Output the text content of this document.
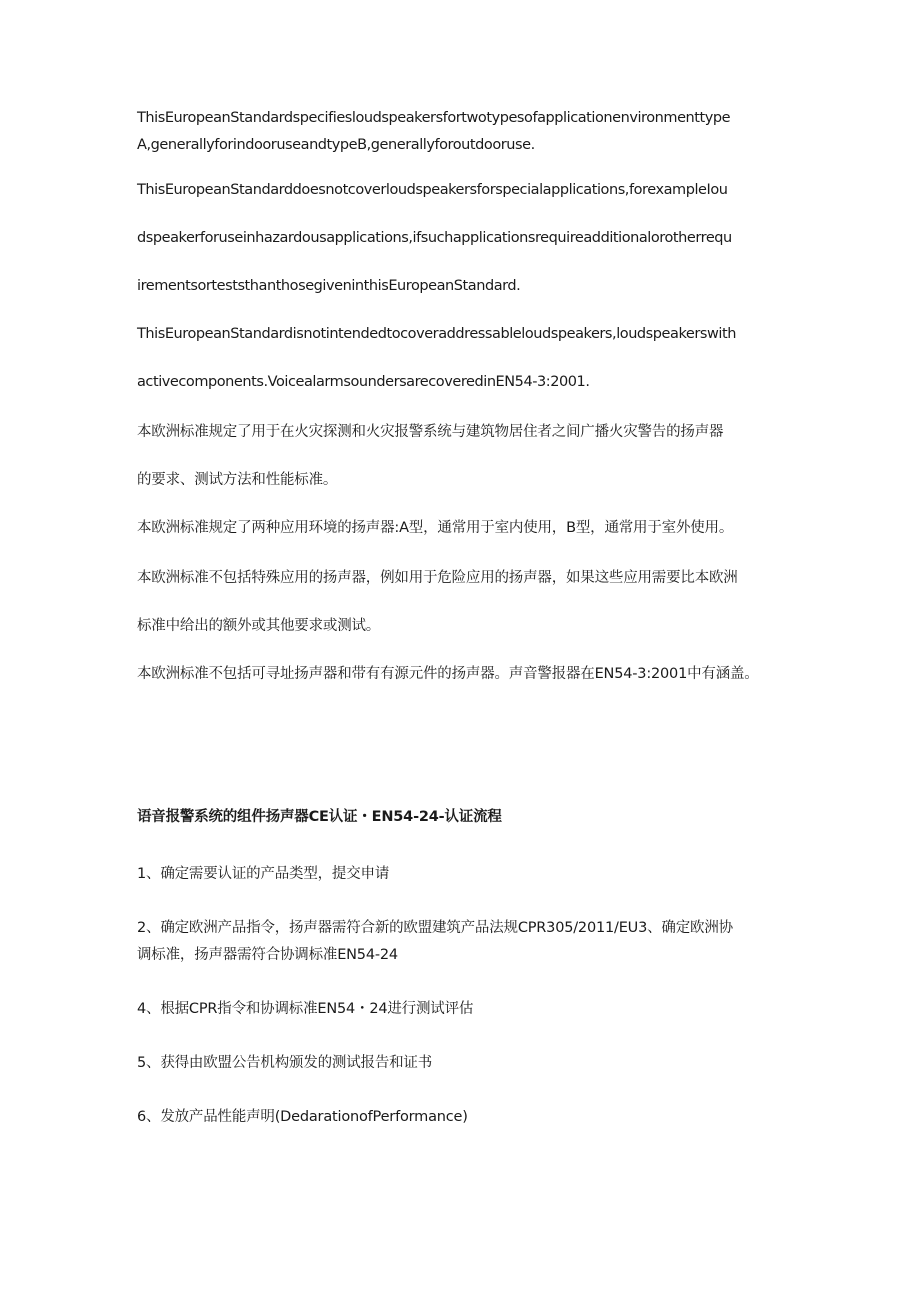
ThisEuropeanStandardspecifiesloudspeakersfortwotypesofapplicationenvironmenttype
A,generallyforindooruseandtypeB,generallyforoutdooruse.
ThisEuropeanStandarddoesnotcoverloudspeakersforspecialapplications,forexampleIou
dspeakerforuseinhazardousapplications,ifsuchapplicationsrequireadditionalorotherrequ
irementsorteststhanthosegiveninthisEuropeanStandard.
ThisEuropeanStandardisnotintendedtocoveraddressableloudspeakers,loudspeakerswith
activecomponents.VoicealarmsoundersarecoveredinEN54-3:2001.
本欧洲标准规定了用于在火灾探测和火灾报警系统与建筑物居住者之间广播火灾警告的扬声器
的要求、测试方法和性能标准。
本欧洲标准规定了两种应用环境的扬声器:A型，通常用于室内使用，B型，通常用于室外使用。
本欧洲标准不包括特殊应用的扬声器，例如用于危险应用的扬声器，如果这些应用需要比本欧洲
标准中给出的额外或其他要求或测试。
本欧洲标准不包括可寻址扬声器和带有有源元件的扬声器。声音警报器在EN54-3:2001中有涵盖。
语音报警系统的组件扬声器CE认证・EN54-24-认证流程
1、确定需要认证的产品类型，提交申请
2、确定欧洲产品指令，扬声器需符合新的欧盟建筑产品法规CPR305/2011/EU3、确定欧洲协
调标准，扬声器需符合协调标准EN54-24
4、根据CPR指令和协调标准EN54・24进行测试评估
5、获得由欧盟公告机构颁发的测试报告和证书
6、发放产品性能声明(DedarationofPerformance)
